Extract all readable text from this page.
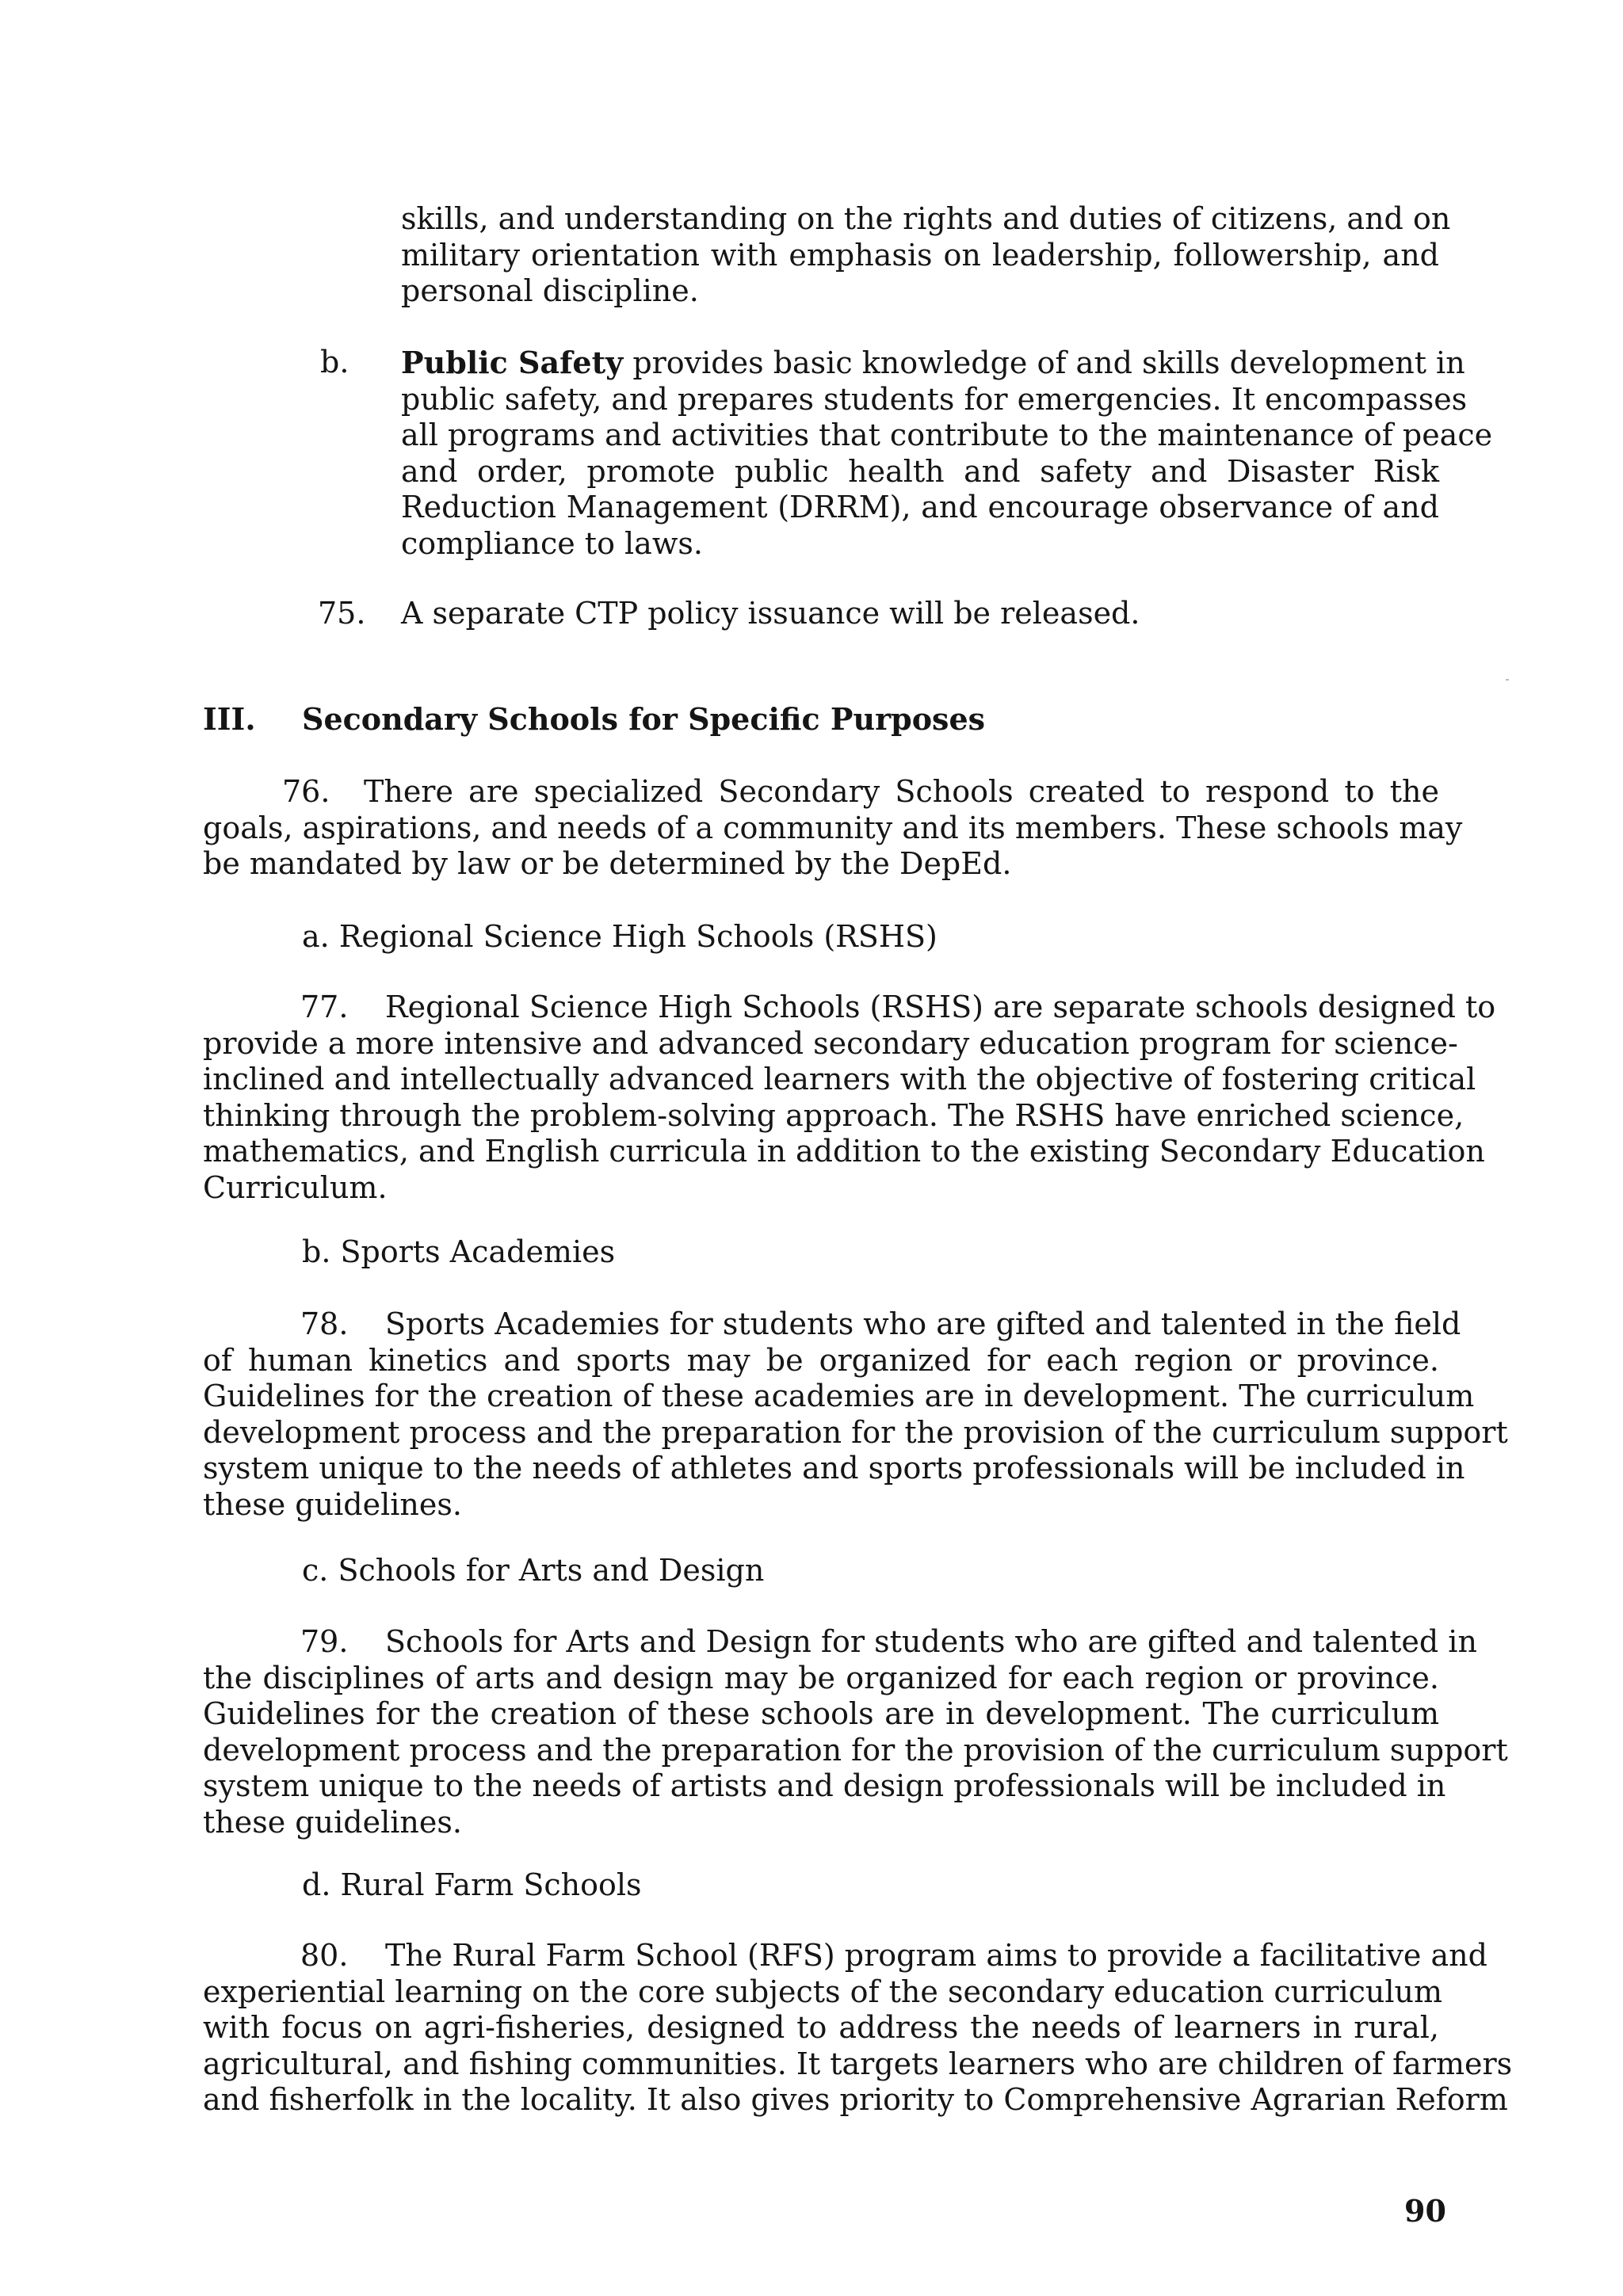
skills, and understanding on the rights and duties of citizens, and on
military orientation with emphasis on leadership, followership, and
personal discipline.
b. Public Safety provides basic knowledge of and skills development in
public safety, and prepares students for emergencies. It encompasses
all programs and activities that contribute to the maintenance of peace
and order, promote public health and safety and Disaster Risk
Reduction Management (DRRM), and encourage observance of and
compliance to laws.
75. A separate CTP policy issuance will be released.
III. Secondary Schools for Specific Purposes
76. There are specialized Secondary Schools created to respond to the
goals, aspirations, and needs of a community and its members. These schools may
be mandated by law or be determined by the DepEd.
a. Regional Science High Schools (RSHS)
77. Regional Science High Schools (RSHS) are separate schools designed to
provide a more intensive and advanced secondary education program for science-
inclined and intellectually advanced learners with the objective of fostering critical
thinking through the problem-solving approach. The RSHS have enriched science,
mathematics, and English curricula in addition to the existing Secondary Education
Curriculum.
b. Sports Academies
78. Sports Academies for students who are gifted and talented in the field
of human kinetics and sports may be organized for each region or province.
Guidelines for the creation of these academies are in development. The curriculum
development process and the preparation for the provision of the curriculum support
system unique to the needs of athletes and sports professionals will be included in
these guidelines.
c. Schools for Arts and Design
79. Schools for Arts and Design for students who are gifted and talented in
the disciplines of arts and design may be organized for each region or province.
Guidelines for the creation of these schools are in development. The curriculum
development process and the preparation for the provision of the curriculum support
system unique to the needs of artists and design professionals will be included in
these guidelines.
d. Rural Farm Schools
80. The Rural Farm School (RFS) program aims to provide a facilitative and
experiential learning on the core subjects of the secondary education curriculum
with focus on agri-fisheries, designed to address the needs of learners in rural,
agricultural, and fishing communities. It targets learners who are children of farmers
and fisherfolk in the locality. It also gives priority to Comprehensive Agrarian Reform
90
